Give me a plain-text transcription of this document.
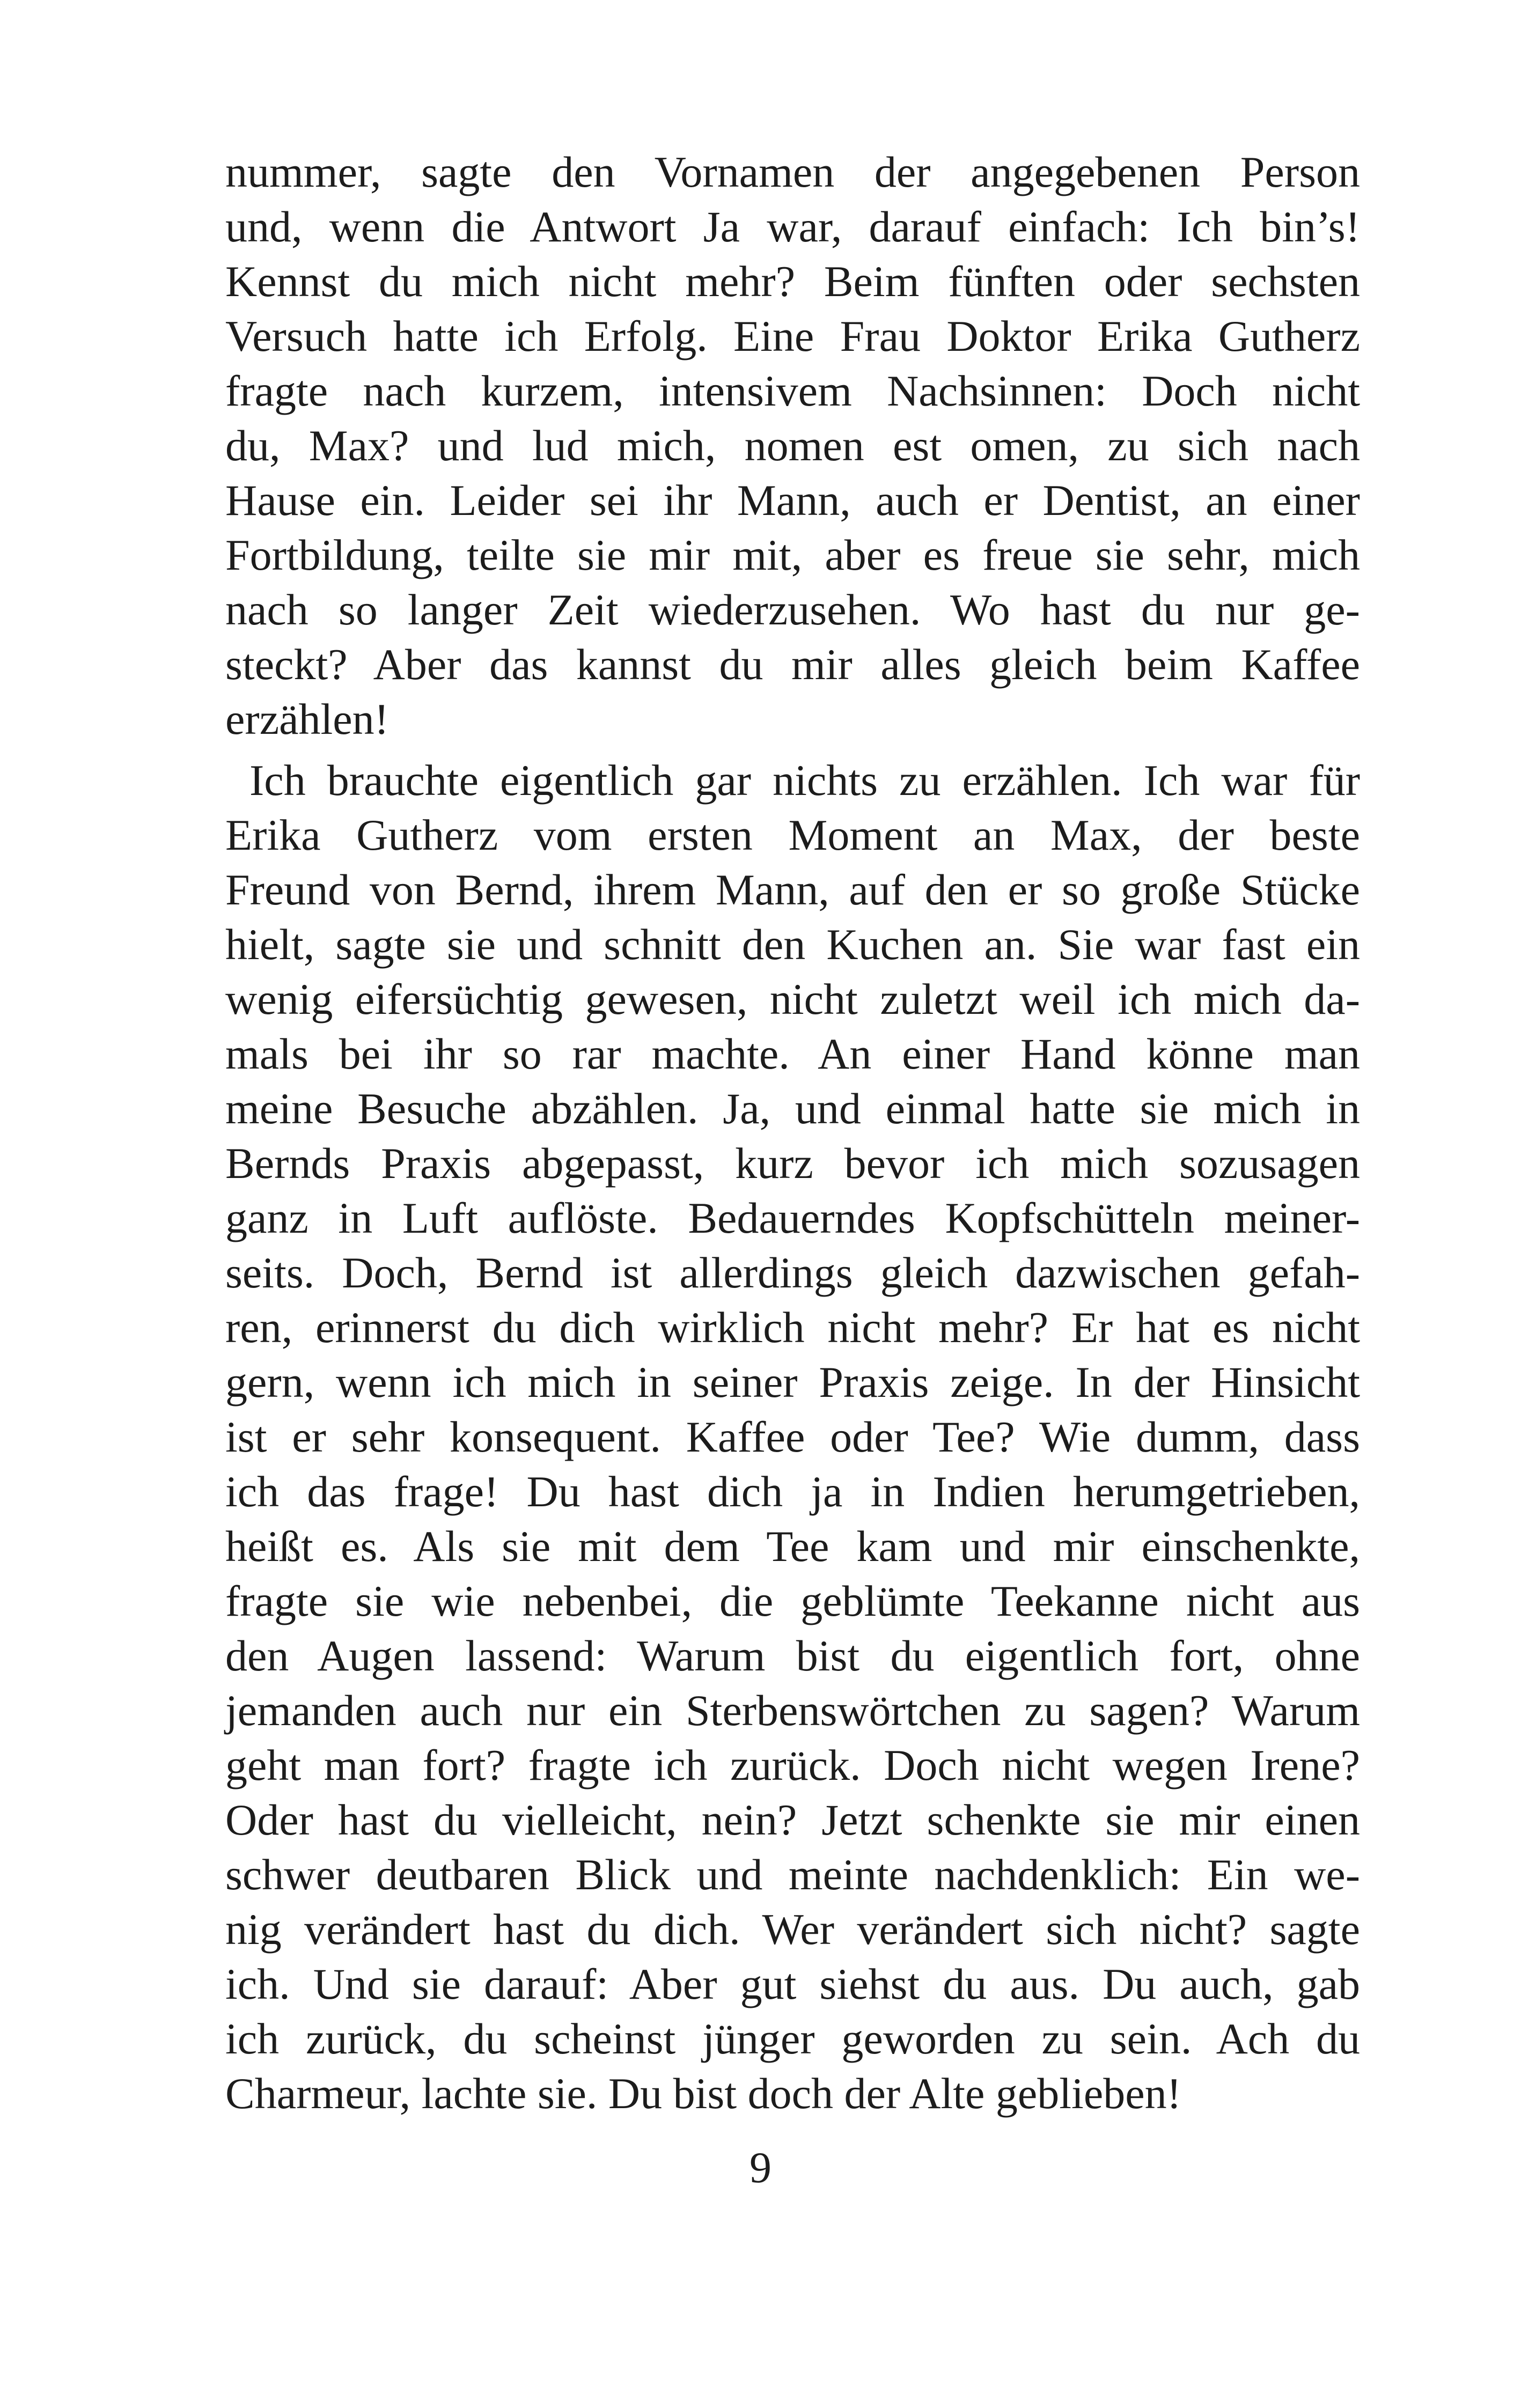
nummer, sagte den Vornamen der angegebenen Person
und, wenn die Antwort Ja war, darauf einfach: Ich bin’s!
Kennst du mich nicht mehr? Beim fünften oder sechsten
Versuch hatte ich Erfolg. Eine Frau Doktor Erika Gutherz
fragte nach kurzem, intensivem Nachsinnen: Doch nicht
du, Max? und lud mich, nomen est omen, zu sich nach
Hause ein. Leider sei ihr Mann, auch er Dentist, an einer
Fortbildung, teilte sie mir mit, aber es freue sie sehr, mich
nach so langer Zeit wiederzusehen. Wo hast du nur ge-
steckt? Aber das kannst du mir alles gleich beim Kaffee
erzählen!
Ich brauchte eigentlich gar nichts zu erzählen. Ich war für
Erika Gutherz vom ersten Moment an Max, der beste
Freund von Bernd, ihrem Mann, auf den er so große Stücke
hielt, sagte sie und schnitt den Kuchen an. Sie war fast ein
wenig eifersüchtig gewesen, nicht zuletzt weil ich mich da-
mals bei ihr so rar machte. An einer Hand könne man
meine Besuche abzählen. Ja, und einmal hatte sie mich in
Bernds Praxis abgepasst, kurz bevor ich mich sozusagen
ganz in Luft auflöste. Bedauerndes Kopfschütteln meiner-
seits. Doch, Bernd ist allerdings gleich dazwischen gefah-
ren, erinnerst du dich wirklich nicht mehr? Er hat es nicht
gern, wenn ich mich in seiner Praxis zeige. In der Hinsicht
ist er sehr konsequent. Kaffee oder Tee? Wie dumm, dass
ich das frage! Du hast dich ja in Indien herumgetrieben,
heißt es. Als sie mit dem Tee kam und mir einschenkte,
fragte sie wie nebenbei, die geblümte Teekanne nicht aus
den Augen lassend: Warum bist du eigentlich fort, ohne
jemanden auch nur ein Sterbenswörtchen zu sagen? Warum
geht man fort? fragte ich zurück. Doch nicht wegen Irene?
Oder hast du vielleicht, nein? Jetzt schenkte sie mir einen
schwer deutbaren Blick und meinte nachdenklich: Ein we-
nig verändert hast du dich. Wer verändert sich nicht? sagte
ich. Und sie darauf: Aber gut siehst du aus. Du auch, gab
ich zurück, du scheinst jünger geworden zu sein. Ach du
Charmeur, lachte sie. Du bist doch der Alte geblieben!
9
